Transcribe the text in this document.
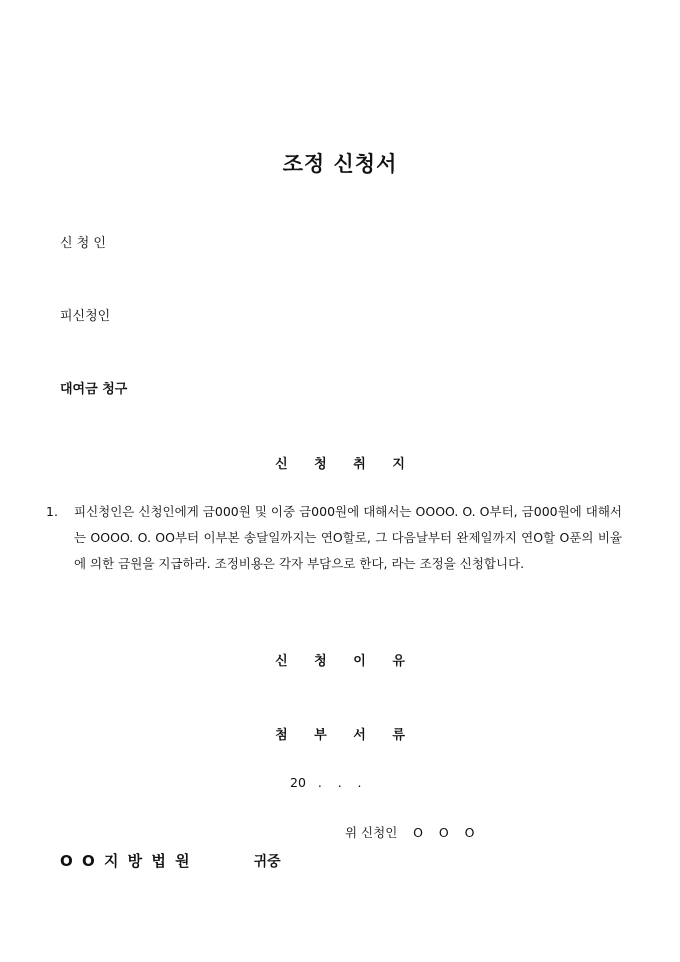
조정 신청서
신 청 인
피신청인
대여금 청구
신 청 취 지
1. 피신청인은 신청인에게 금000원 및 이중 금000원에 대해서는 OOOO. O. O부터, 금000원에 대해서는 OOOO. O. OO부터 이부본 송달일까지는 연O할로, 그 다음날부터 완제일까지 연O할 O푼의 비율에 의한 금원을 지급하라. 조정비용은 각자 부담으로 한다, 라는 조정을 신청합니다.
신 청 이 유
첨 부 서 류
20   .    .    .
위 신청인    O    O    O
O O 지 방 법 원	귀중
